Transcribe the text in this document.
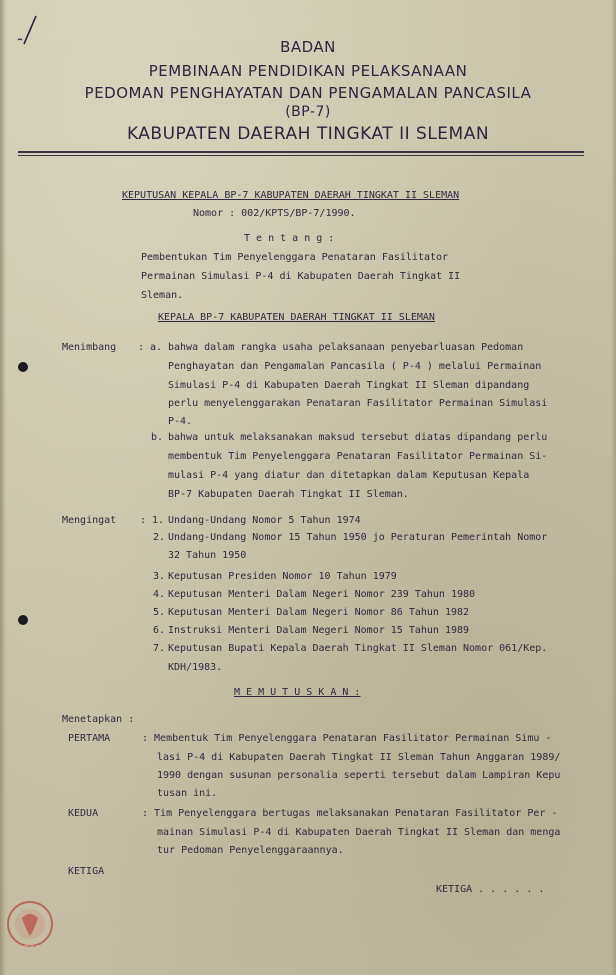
BADAN
PEMBINAAN PENDIDIKAN PELAKSANAAN
PEDOMAN PENGHAYATAN DAN PENGAMALAN PANCASILA
(BP-7)
KABUPATEN DAERAH TINGKAT II SLEMAN
KEPUTUSAN KEPALA BP-7 KABUPATEN DAERAH TINGKAT II SLEMAN
Nomor : 002/KPTS/BP-7/1990.
T e n t a n g :
Pembentukan Tim Penyelenggara Penataran Fasilitator
Permainan Simulasi P-4 di Kabupaten Daerah Tingkat II
Sleman.
KEPALA BP-7 KABUPATEN DAERAH TINGKAT II SLEMAN
Menimbang : a. bahwa dalam rangka usaha pelaksanaan penyebarluasan Pedoman
Penghayatan dan Pengamalan Pancasila ( P-4 ) melalui Permainan
Simulasi P-4 di Kabupaten Daerah Tingkat II Sleman dipandang
perlu menyelenggarakan Penataran Fasilitator Permainan Simulasi
P-4.
b. bahwa untuk melaksanakan maksud tersebut diatas dipandang perlu
membentuk Tim Penyelenggara Penataran Fasilitator Permainan Si-
mulasi P-4 yang diatur dan ditetapkan dalam Keputusan Kepala
BP-7 Kabupaten Daerah Tingkat II Sleman.
Mengingat : 1. Undang-Undang Nomor 5 Tahun 1974
2. Undang-Undang Nomor 15 Tahun 1950 jo Peraturan Pemerintah Nomor
32 Tahun 1950
3. Keputusan Presiden Nomor 10 Tahun 1979
4. Keputusan Menteri Dalam Negeri Nomor 239 Tahun 1980
5. Keputusan Menteri Dalam Negeri Nomor 86 Tahun 1982
6. Instruksi Menteri Dalam Negeri Nomor 15 Tahun 1989
7. Keputusan Bupati Kepala Daerah Tingkat II Sleman Nomor 061/Kep.
KDH/1983.
M E M U T U S K A N :
Menetapkan :
PERTAMA	: Membentuk Tim Penyelenggara Penataran Fasilitator Permainan Simu -
lasi P-4 di Kabupaten Daerah Tingkat II Sleman Tahun Anggaran 1989/
1990 dengan susunan personalia seperti tersebut dalam Lampiran Kepu
tusan ini.
KEDUA	: Tim Penyelenggara bertugas melaksanakan Penataran Fasilitator Per -
mainan Simulasi P-4 di Kabupaten Daerah Tingkat II Sleman dan menga
tur Pedoman Penyelenggaraannya.
KETIGA
KETIGA . . . . . .
DPAD
DIY
